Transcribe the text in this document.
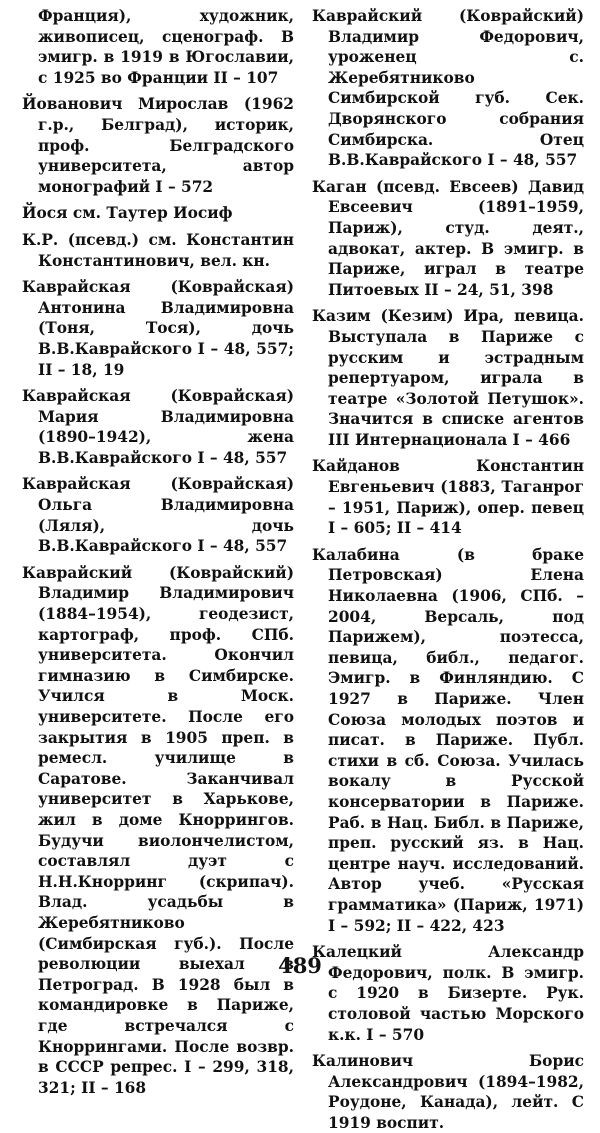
Франция), художник, живописец, сценограф. В эмигр. в 1919 в Югославии, с 1925 во Франции II – 107

Йованович Мирослав (1962 г.р., Белград), историк, проф. Белградского университета, автор монографий I – 572

Йося см. Таутер Иосиф

К.Р. (псевд.) см. Константин Константинович, вел. кн.

Каврайская (Коврайская) Антонина Владимировна (Тоня, Тося), дочь В.В.Каврайского I – 48, 557; II – 18, 19

Каврайская (Коврайская) Мария Владимировна (1890–1942), жена В.В.Каврайского I – 48, 557

Каврайская (Коврайская) Ольга Владимировна (Ляля), дочь В.В.Каврайского I – 48, 557

Каврайский (Коврайский) Владимир Владимирович (1884–1954), геодезист, картограф, проф. СПб. университета. Окончил гимназию в Симбирске. Учился в Моск. университете. После его закрытия в 1905 преп. в ремесл. училище в Саратове. Заканчивал университет в Харькове, жил в доме Кноррингов. Будучи виолончелистом, составлял дуэт с Н.Н.Кнорринг (скрипач). Влад. усадьбы в Жеребятниково (Симбирская губ.). После революции выехал в Петроград. В 1928 был в командировке в Париже, где встречался с Кноррингами. После возвр. в СССР репрес. I – 299, 318, 321; II – 168

Каврайский (Коврайский) Владимир Федорович, уроженец с. Жеребятниково Симбирской губ. Сек. Дворянского собрания Симбирска. Отец В.В.Каврайского I – 48, 557

Каган (псевд. Евсеев) Давид Евсеевич (1891–1959, Париж), студ. деят., адвокат, актер. В эмигр. в Париже, играл в театре Питоевых II – 24, 51, 398

Казим (Кезим) Ира, певица. Выступала в Париже с русским и эстрадным репертуаром, играла в театре «Золотой Петушок». Значится в списке агентов III Интернационала I – 466

Кайданов Константин Евгеньевич (1883, Таганрог – 1951, Париж), опер. певец I – 605; II – 414

Калабина (в браке Петровская) Елена Николаевна (1906, СПб. – 2004, Версаль, под Парижем), поэтесса, певица, библ., педагог. Эмигр. в Финляндию. С 1927 в Париже. Член Союза молодых поэтов и писат. в Париже. Публ. стихи в сб. Союза. Училась вокалу в Русской консерватории в Париже. Раб. в Нац. Библ. в Париже, преп. русский яз. в Нац. центре науч. исследований. Автор учеб. «Русская грамматика» (Париж, 1971) I – 592; II – 422, 423

Калецкий Александр Федорович, полк. В эмигр. с 1920 в Бизерте. Рук. столовой частью Морского к.к. I – 570

Калинович Борис Александрович (1894–1982, Роудоне, Канада), лейт. С 1919 воспит.

489
